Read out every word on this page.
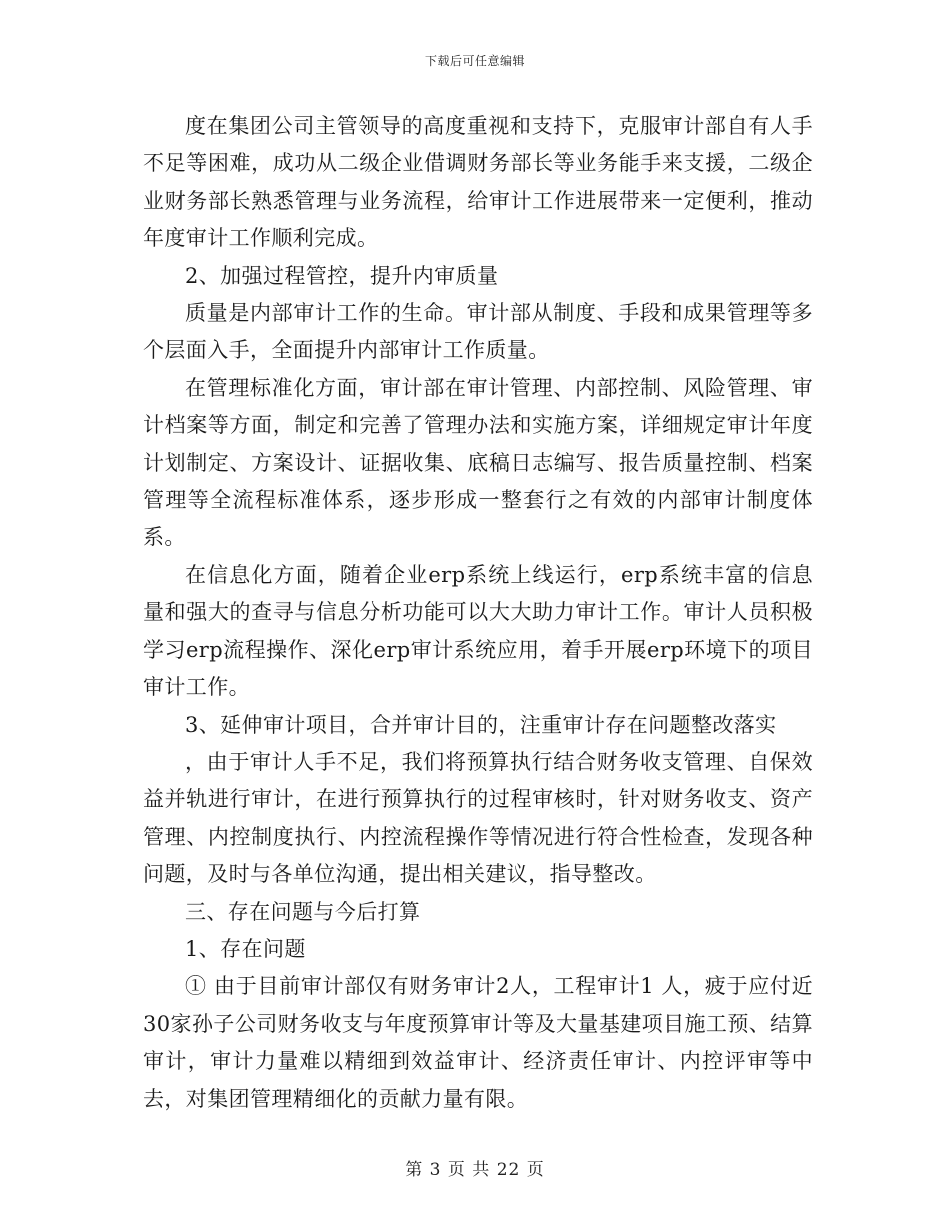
下载后可任意编辑

度在集团公司主管领导的高度重视和支持下，克服审计部自有人手不足等困难，成功从二级企业借调财务部长等业务能手来支援，二级企业财务部长熟悉管理与业务流程，给审计工作进展带来一定便利，推动年度审计工作顺利完成。

2、加强过程管控，提升内审质量

质量是内部审计工作的生命。审计部从制度、手段和成果管理等多个层面入手，全面提升内部审计工作质量。

在管理标准化方面，审计部在审计管理、内部控制、风险管理、审计档案等方面，制定和完善了管理办法和实施方案，详细规定审计年度计划制定、方案设计、证据收集、底稿日志编写、报告质量控制、档案管理等全流程标准体系，逐步形成一整套行之有效的内部审计制度体系。

在信息化方面，随着企业erp系统上线运行，erp系统丰富的信息量和强大的查寻与信息分析功能可以大大助力审计工作。审计人员积极学习erp流程操作、深化erp审计系统应用，着手开展erp环境下的项目审计工作。

3、延伸审计项目，合并审计目的，注重审计存在问题整改落实

，由于审计人手不足，我们将预算执行结合财务收支管理、自保效益并轨进行审计，在进行预算执行的过程审核时，针对财务收支、资产管理、内控制度执行、内控流程操作等情况进行符合性检查，发现各种问题，及时与各单位沟通，提出相关建议，指导整改。

三、存在问题与今后打算

1、存在问题

① 由于目前审计部仅有财务审计2人，工程审计1 人，疲于应付近30家孙子公司财务收支与年度预算审计等及大量基建项目施工预、结算审计，审计力量难以精细到效益审计、经济责任审计、内控评审等中去，对集团管理精细化的贡献力量有限。

第 3 页 共 22 页
